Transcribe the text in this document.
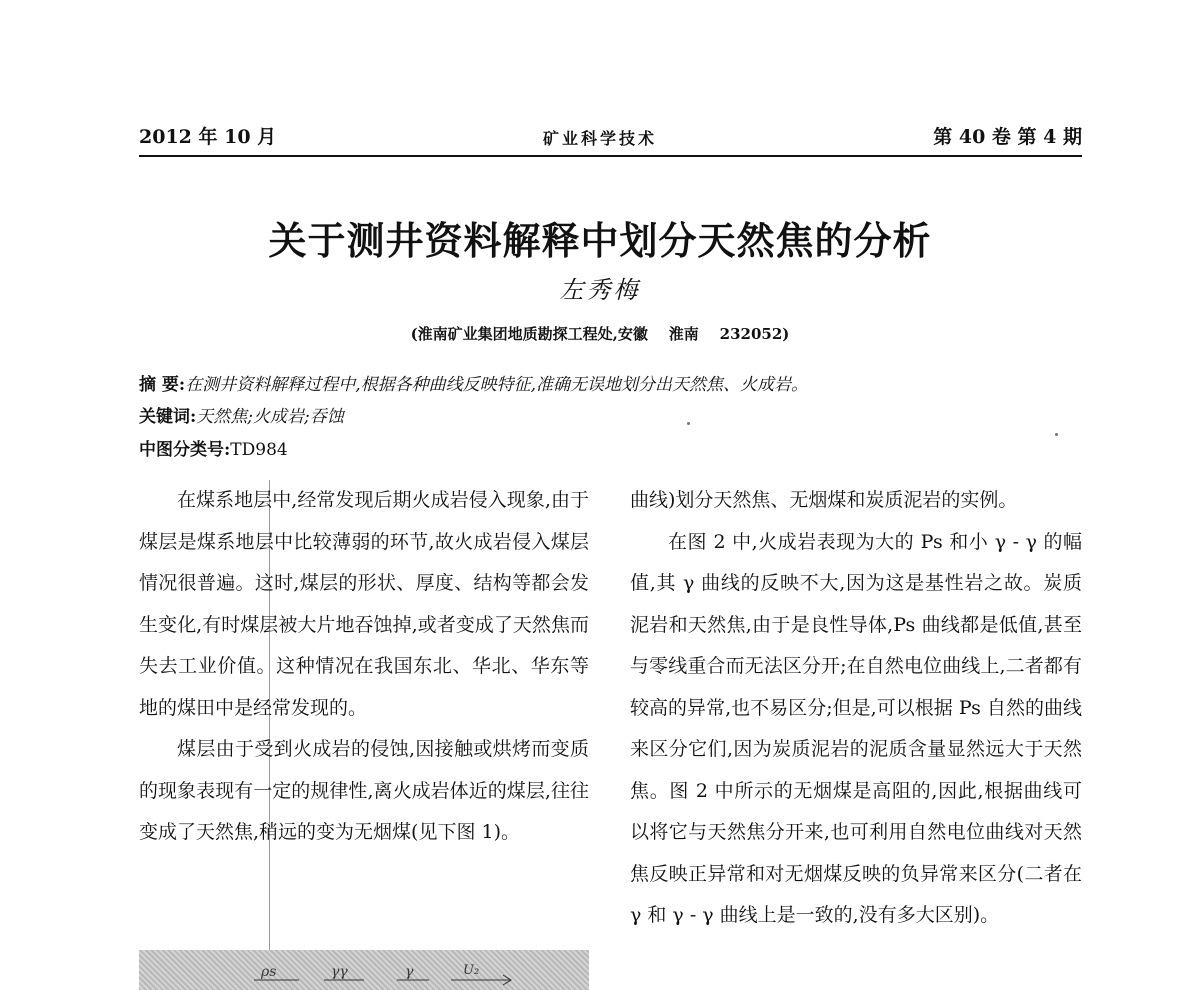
2012 年 10 月	矿业科学技术	第 40 卷 第 4 期
关于测井资料解释中划分天然焦的分析
左秀梅
(淮南矿业集团地质勘探工程处,安徽    淮南    232052)
摘 要:在测井资料解释过程中,根据各种曲线反映特征,准确无误地划分出天然焦、火成岩。
关键词:天然焦;火成岩;吞蚀
中图分类号:TD984

在煤系地层中,经常发现后期火成岩侵入现象,由于煤层是煤系地层中比较薄弱的环节,故火成岩侵入煤层情况很普遍。这时,煤层的形状、厚度、结构等都会发生变化,有时煤层被大片地吞蚀掉,或者变成了天然焦而失去工业价值。这种情况在我国东北、华北、华东等地的煤田中是经常发现的。

煤层由于受到火成岩的侵蚀,因接触或烘烤而变质的现象表现有一定的规律性,离火成岩体近的煤层,往往变成了天然焦,稍远的变为无烟煤(见下图 1)。

曲线)划分天然焦、无烟煤和炭质泥岩的实例。

在图 2 中,火成岩表现为大的 Ps 和小 γ - γ 的幅值,其 γ 曲线的反映不大,因为这是基性岩之故。炭质泥岩和天然焦,由于是良性导体,Ps 曲线都是低值,甚至与零线重合而无法区分开;在自然电位曲线上,二者都有较高的异常,也不易区分;但是,可以根据 Ps 自然的曲线来区分它们,因为炭质泥岩的泥质含量显然远大于天然焦。图 2 中所示的无烟煤是高阻的,因此,根据曲线可以将它与天然焦分开来,也可利用自然电位曲线对天然焦反映正异常和对无烟煤反映的负异常来区分(二者在 γ 和 γ - γ 曲线上是一致的,没有多大区别)。

ρs	γγ	γ	U₂
